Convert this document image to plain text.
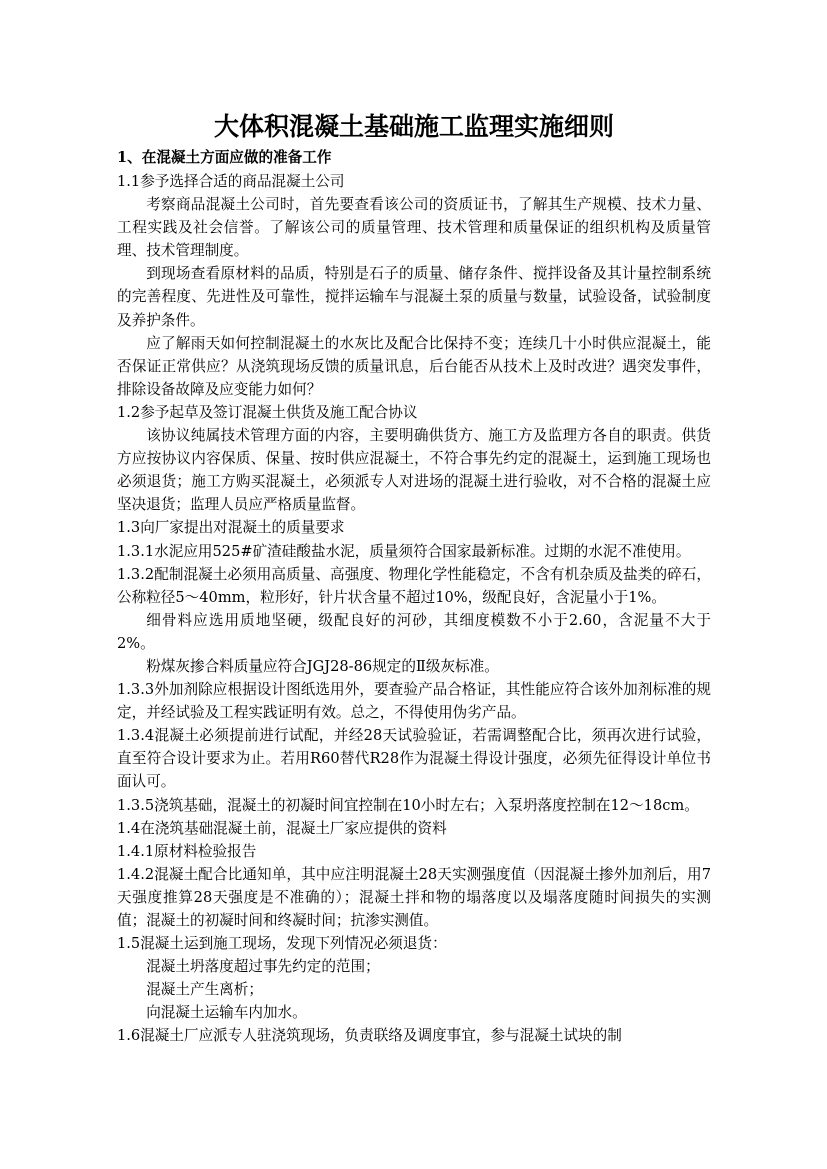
大体积混凝土基础施工监理实施细则
1、在混凝土方面应做的准备工作

1.1参予选择合适的商品混凝土公司

考察商品混凝土公司时，首先要查看该公司的资质证书，了解其生产规模、技术力量、工程实践及社会信誉。了解该公司的质量管理、技术管理和质量保证的组织机构及质量管理、技术管理制度。

到现场查看原材料的品质，特别是石子的质量、储存条件、搅拌设备及其计量控制系统的完善程度、先进性及可靠性，搅拌运输车与混凝土泵的质量与数量，试验设备，试验制度及养护条件。

应了解雨天如何控制混凝土的水灰比及配合比保持不变；连续几十小时供应混凝土，能否保证正常供应？从浇筑现场反馈的质量讯息，后台能否从技术上及时改进？遇突发事件，排除设备故障及应变能力如何？

1.2参予起草及签订混凝土供货及施工配合协议

该协议纯属技术管理方面的内容，主要明确供货方、施工方及监理方各自的职责。供货方应按协议内容保质、保量、按时供应混凝土，不符合事先约定的混凝土，运到施工现场也必须退货；施工方购买混凝土，必须派专人对进场的混凝土进行验收，对不合格的混凝土应坚决退货；监理人员应严格质量监督。

1.3向厂家提出对混凝土的质量要求

1.3.1水泥应用525#矿渣硅酸盐水泥，质量须符合国家最新标准。过期的水泥不准使用。

1.3.2配制混凝土必须用高质量、高强度、物理化学性能稳定，不含有机杂质及盐类的碎石，公称粒径5～40mm，粒形好，针片状含量不超过10%，级配良好，含泥量小于1%。

细骨料应选用质地坚硬，级配良好的河砂，其细度模数不小于2.60，含泥量不大于2%。

粉煤灰掺合料质量应符合JGJ28-86规定的Ⅱ级灰标准。

1.3.3外加剂除应根据设计图纸选用外，要查验产品合格证，其性能应符合该外加剂标准的规定，并经试验及工程实践证明有效。总之，不得使用伪劣产品。

1.3.4混凝土必须提前进行试配，并经28天试验验证，若需调整配合比，须再次进行试验，直至符合设计要求为止。若用R60替代R28作为混凝土得设计强度，必须先征得设计单位书面认可。

1.3.5浇筑基础，混凝土的初凝时间宜控制在10小时左右；入泵坍落度控制在12～18cm。

1.4在浇筑基础混凝土前，混凝土厂家应提供的资料

1.4.1原材料检验报告

1.4.2混凝土配合比通知单，其中应注明混凝土28天实测强度值（因混凝土掺外加剂后，用7天强度推算28天强度是不准确的）；混凝土拌和物的塌落度以及塌落度随时间损失的实测值；混凝土的初凝时间和终凝时间；抗渗实测值。

1.5混凝土运到施工现场，发现下列情况必须退货：

混凝土坍落度超过事先约定的范围；

混凝土产生离析；

向混凝土运输车内加水。

1.6混凝土厂应派专人驻浇筑现场，负责联络及调度事宜，参与混凝土试块的制
